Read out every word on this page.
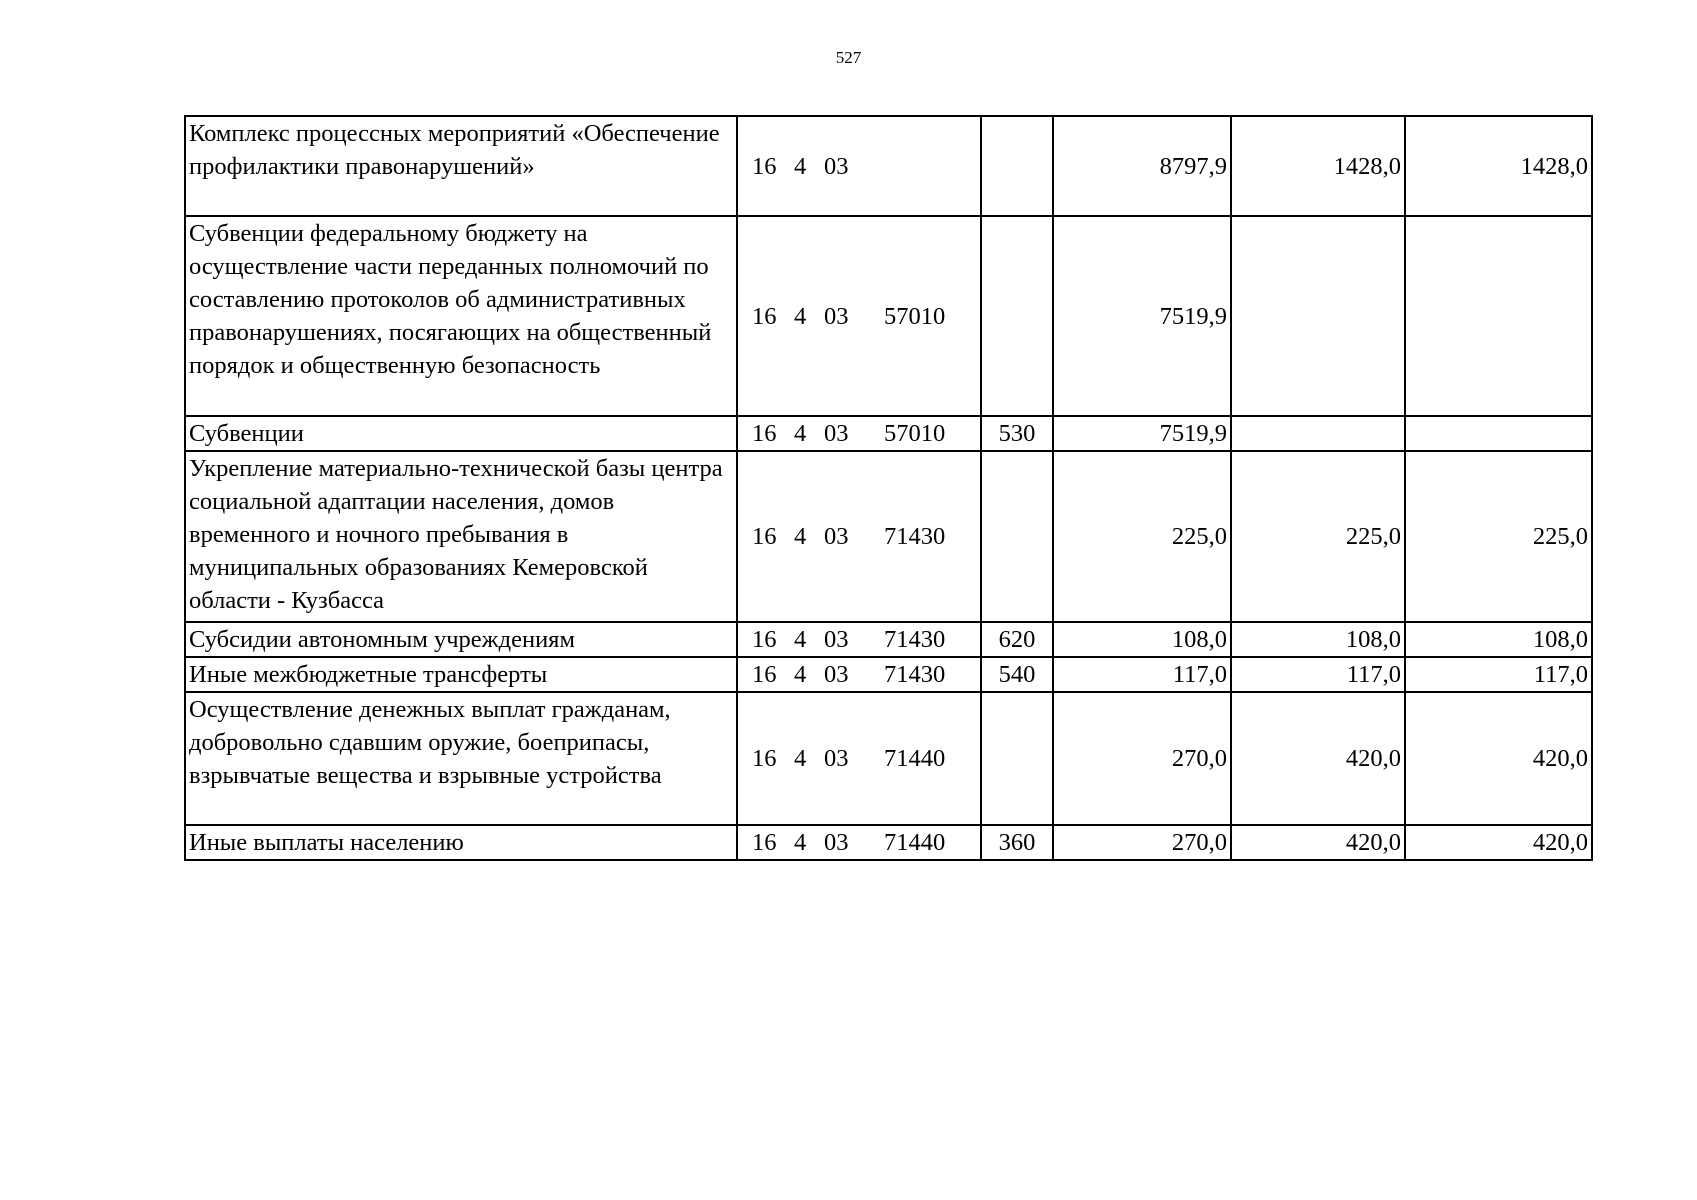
527
Комплекс процессных мероприятий «Обеспечение профилактики правонарушений»	16 4 03		8797,9	1428,0	1428,0
Субвенции федеральному бюджету на осуществление части переданных полномочий по составлению протоколов об административных правонарушениях, посягающих на общественный порядок и общественную безопасность	16 4 03 57010		7519,9		
Субвенции	16 4 03 57010	530	7519,9		
Укрепление материально-технической базы центра социальной адаптации населения, домов временного и ночного пребывания в муниципальных образованиях Кемеровской области - Кузбасса	16 4 03 71430		225,0	225,0	225,0
Субсидии автономным учреждениям	16 4 03 71430	620	108,0	108,0	108,0
Иные межбюджетные трансферты	16 4 03 71430	540	117,0	117,0	117,0
Осуществление денежных выплат гражданам, добровольно сдавшим оружие, боеприпасы, взрывчатые вещества и взрывные устройства	16 4 03 71440		270,0	420,0	420,0
Иные выплаты населению	16 4 03 71440	360	270,0	420,0	420,0
